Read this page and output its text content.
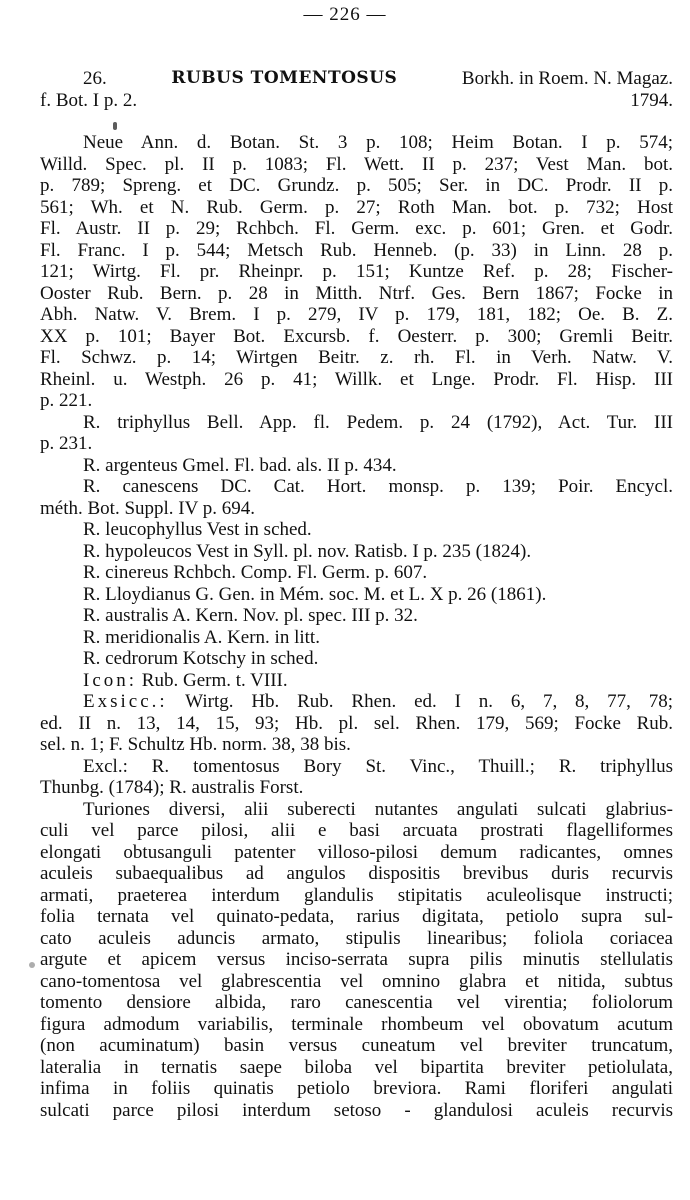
— 226 —
26.	RUBUS TOMENTOSUS	Borkh. in Roem. N. Magaz.
f. Bot. I p. 2.	1794.
Neue Ann. d. Botan. St. 3 p. 108; Heim Botan. I p. 574;
Willd. Spec. pl. II p. 1083; Fl. Wett. II p. 237; Vest Man. bot.
p. 789; Spreng. et DC. Grundz. p. 505; Ser. in DC. Prodr. II p.
561; Wh. et N. Rub. Germ. p. 27; Roth Man. bot. p. 732; Host
Fl. Austr. II p. 29; Rchbch. Fl. Germ. exc. p. 601; Gren. et Godr.
Fl. Franc. I p. 544; Metsch Rub. Henneb. (p. 33) in Linn. 28 p.
121; Wirtg. Fl. pr. Rheinpr. p. 151; Kuntze Ref. p. 28; Fischer-
Ooster Rub. Bern. p. 28 in Mitth. Ntrf. Ges. Bern 1867; Focke in
Abh. Natw. V. Brem. I p. 279, IV p. 179, 181, 182; Oe. B. Z.
XX p. 101; Bayer Bot. Excursb. f. Oesterr. p. 300; Gremli Beitr.
Fl. Schwz. p. 14; Wirtgen Beitr. z. rh. Fl. in Verh. Natw. V.
Rheinl. u. Westph. 26 p. 41; Willk. et Lnge. Prodr. Fl. Hisp. III
p. 221.
R. triphyllus Bell. App. fl. Pedem. p. 24 (1792), Act. Tur. III
p. 231.
R. argenteus Gmel. Fl. bad. als. II p. 434.
R. canescens DC. Cat. Hort. monsp. p. 139; Poir. Encycl.
méth. Bot. Suppl. IV p. 694.
R. leucophyllus Vest in sched.
R. hypoleucos Vest in Syll. pl. nov. Ratisb. I p. 235 (1824).
R. cinereus Rchbch. Comp. Fl. Germ. p. 607.
R. Lloydianus G. Gen. in Mém. soc. M. et L. X p. 26 (1861).
R. australis A. Kern. Nov. pl. spec. III p. 32.
R. meridionalis A. Kern. in litt.
R. cedrorum Kotschy in sched.
Icon: Rub. Germ. t. VIII.
Exsicc.: Wirtg. Hb. Rub. Rhen. ed. I n. 6, 7, 8, 77, 78;
ed. II n. 13, 14, 15, 93; Hb. pl. sel. Rhen. 179, 569; Focke Rub.
sel. n. 1; F. Schultz Hb. norm. 38, 38 bis.
Excl.: R. tomentosus Bory St. Vinc., Thuill.; R. triphyllus
Thunbg. (1784); R. australis Forst.
Turiones diversi, alii suberecti nutantes angulati sulcati glabrius-
culi vel parce pilosi, alii e basi arcuata prostrati flagelliformes
elongati obtusanguli patenter villoso-pilosi demum radicantes, omnes
aculeis subaequalibus ad angulos dispositis brevibus duris recurvis
armati, praeterea interdum glandulis stipitatis aculeolisque instructi;
folia ternata vel quinato-pedata, rarius digitata, petiolo supra sul-
cato aculeis aduncis armato, stipulis linearibus; foliola coriacea
argute et apicem versus inciso-serrata supra pilis minutis stellulatis
cano-tomentosa vel glabrescentia vel omnino glabra et nitida, subtus
tomento densiore albida, raro canescentia vel virentia; foliolorum
figura admodum variabilis, terminale rhombeum vel obovatum acutum
(non acuminatum) basin versus cuneatum vel breviter truncatum,
lateralia in ternatis saepe biloba vel bipartita breviter petiolulata,
infima in foliis quinatis petiolo breviora. Rami floriferi angulati
sulcati parce pilosi interdum setoso - glandulosi aculeis recurvis
